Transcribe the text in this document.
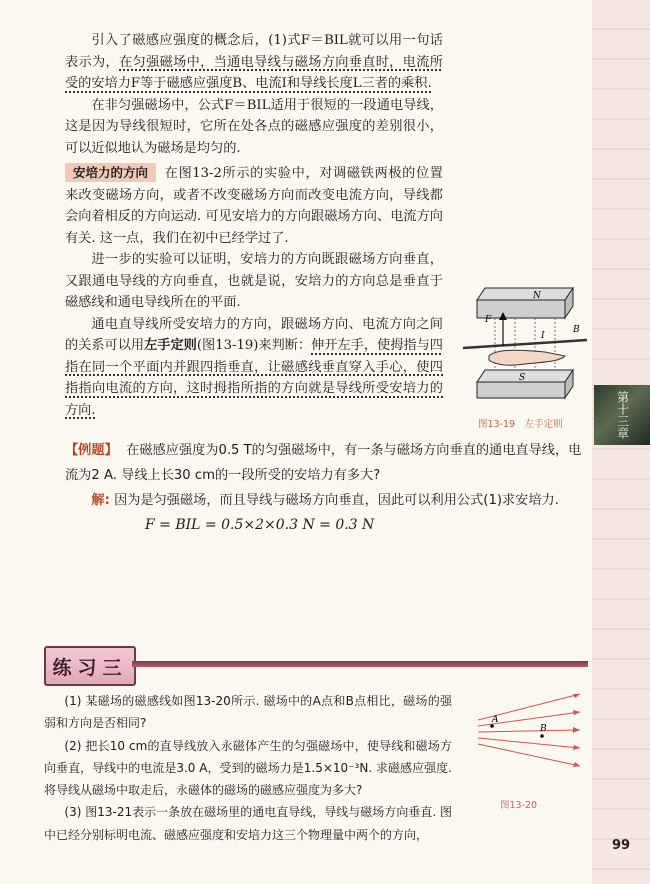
第十三章

引入了磁感应强度的概念后，(1)式F＝BIL就可以用一句话表示为，在匀强磁场中，当通电导线与磁场方向垂直时，电流所受的安培力F等于磁感应强度B、电流I和导线长度L三者的乘积.

在非匀强磁场中，公式F＝BIL适用于很短的一段通电导线，这是因为导线很短时，它所在处各点的磁感应强度的差别很小，可以近似地认为磁场是均匀的.

安培力的方向 在图13-2所示的实验中，对调磁铁两极的位置来改变磁场方向，或者不改变磁场方向而改变电流方向，导线都会向着相反的方向运动. 可见安培力的方向跟磁场方向、电流方向有关. 这一点，我们在初中已经学过了.

进一步的实验可以证明，安培力的方向既跟磁场方向垂直，又跟通电导线的方向垂直，也就是说，安培力的方向总是垂直于磁感线和通电导线所在的平面.

通电直导线所受安培力的方向，跟磁场方向、电流方向之间的关系可以用左手定则(图13-19)来判断：伸开左手，使拇指与四指在同一个平面内并跟四指垂直，让磁感线垂直穿入手心，使四指指向电流的方向，这时拇指所指的方向就是导线所受安培力的方向.

N
F
I
B
S
图13-19　左手定则
【例题】 在磁感应强度为0.5 T的匀强磁场中，有一条与磁场方向垂直的通电直导线，电流为2 A. 导线上长30 cm的一段所受的安培力有多大?
解: 因为是匀强磁场，而且导线与磁场方向垂直，因此可以利用公式(1)求安培力.
F = BIL = 0.5×2×0.3 N = 0.3 N
练习三

(1) 某磁场的磁感线如图13-20所示. 磁场中的A点和B点相比，磁场的强弱和方向是否相同?

(2) 把长10 cm的直导线放入永磁体产生的匀强磁场中，使导线和磁场方向垂直，导线中的电流是3.0 A，受到的磁场力是1.5×10⁻³N. 求磁感应强度. 将导线从磁场中取走后，永磁体的磁场的磁感应强度为多大?

(3) 图13-21表示一条放在磁场里的通电直导线，导线与磁场方向垂直. 图中已经分别标明电流、磁感应强度和安培力这三个物理量中两个的方向，

A
B
图13-20
99
